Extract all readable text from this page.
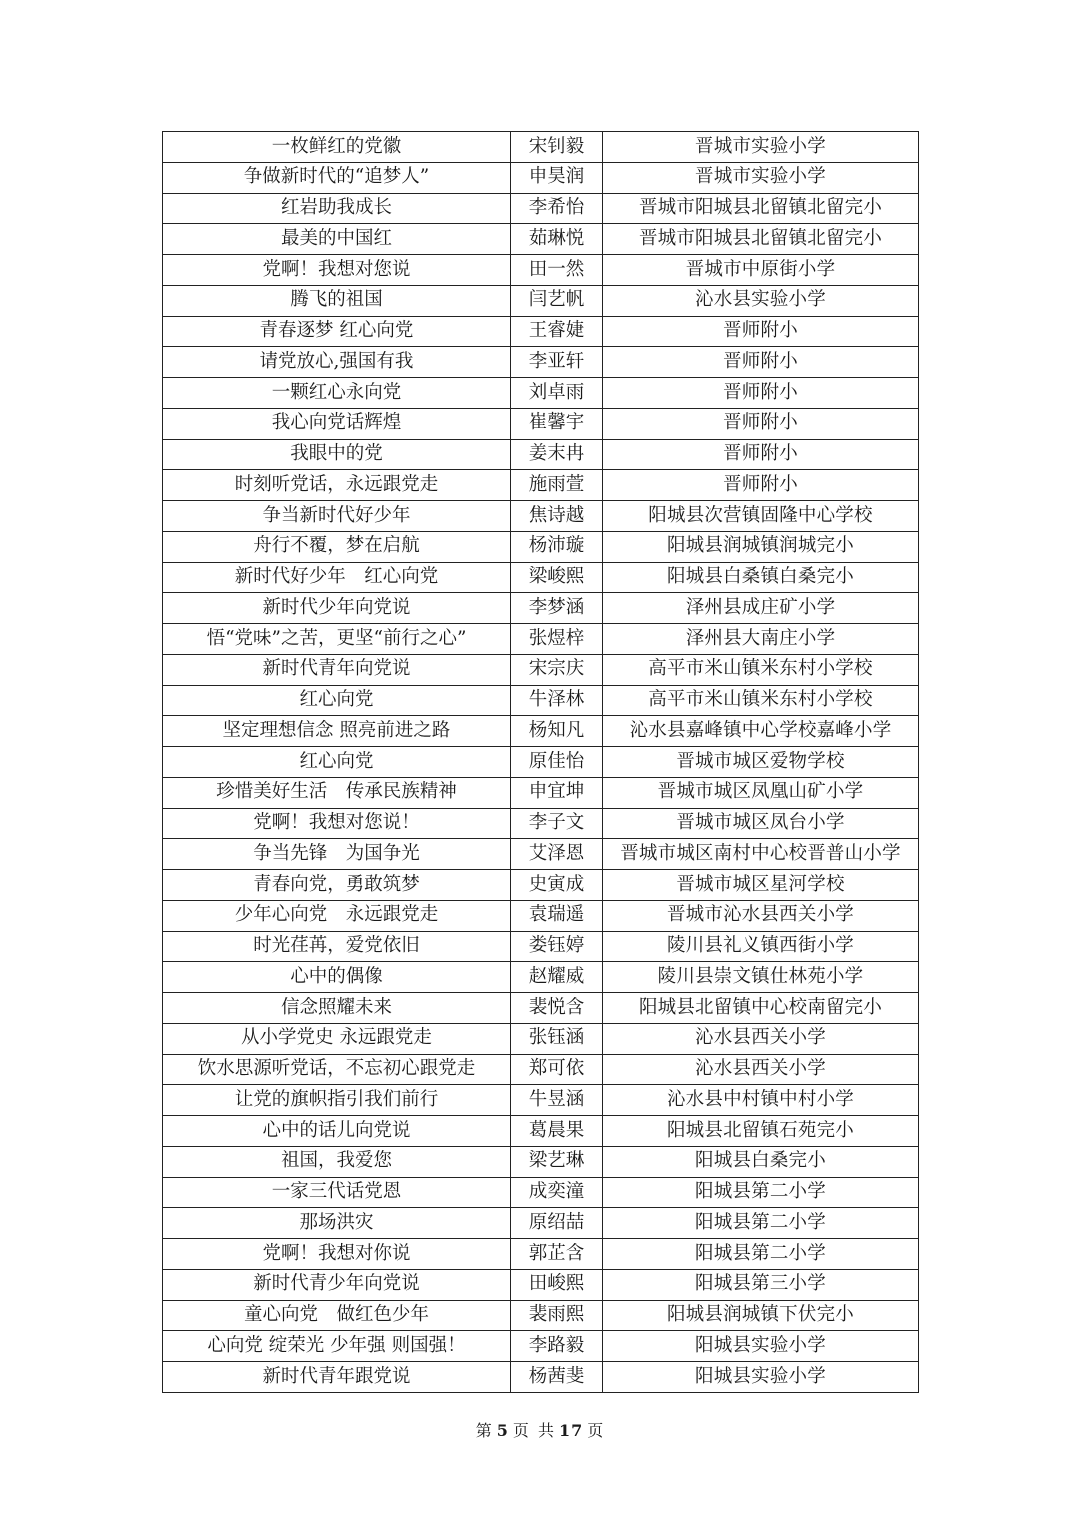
一枚鲜红的党徽	宋钊毅	晋城市实验小学
争做新时代的“追梦人”	申昊润	晋城市实验小学
红岩助我成长	李希怡	晋城市阳城县北留镇北留完小
最美的中国红	茹琳悦	晋城市阳城县北留镇北留完小
党啊！我想对您说	田一然	晋城市中原街小学
腾飞的祖国	闫艺帆	沁水县实验小学
青春逐梦 红心向党	王睿婕	晋师附小
请党放心,强国有我	李亚轩	晋师附小
一颗红心永向党	刘卓雨	晋师附小
我心向党话辉煌	崔馨宇	晋师附小
我眼中的党	姜末冉	晋师附小
时刻听党话，永远跟党走	施雨萱	晋师附小
争当新时代好少年	焦诗越	阳城县次营镇固隆中心学校
舟行不覆，梦在启航	杨沛璇	阳城县润城镇润城完小
新时代好少年　红心向党	梁峻熙	阳城县白桑镇白桑完小
新时代少年向党说	李梦涵	泽州县成庄矿小学
悟“党味”之苦，更坚“前行之心”	张煜梓	泽州县大南庄小学
新时代青年向党说	宋宗庆	高平市米山镇米东村小学校
红心向党	牛泽林	高平市米山镇米东村小学校
坚定理想信念 照亮前进之路	杨知凡	沁水县嘉峰镇中心学校嘉峰小学
红心向党	原佳怡	晋城市城区爱物学校
珍惜美好生活　传承民族精神	申宜坤	晋城市城区凤凰山矿小学
党啊！我想对您说！	李子文	晋城市城区凤台小学
争当先锋　为国争光	艾泽恩	晋城市城区南村中心校晋普山小学
青春向党，勇敢筑梦	史寅成	晋城市城区星河学校
少年心向党　永远跟党走	袁瑞遥	晋城市沁水县西关小学
时光荏苒，爱党依旧	娄钰婷	陵川县礼义镇西街小学
心中的偶像	赵耀威	陵川县崇文镇仕林苑小学
信念照耀未来	裴悦含	阳城县北留镇中心校南留完小
从小学党史 永远跟党走	张钰涵	沁水县西关小学
饮水思源听党话，不忘初心跟党走	郑可依	沁水县西关小学
让党的旗帜指引我们前行	牛昱涵	沁水县中村镇中村小学
心中的话儿向党说	葛晨果	阳城县北留镇石苑完小
祖国，我爱您	梁艺琳	阳城县白桑完小
一家三代话党恩	成奕潼	阳城县第二小学
那场洪灾	原绍喆	阳城县第二小学
党啊！我想对你说	郭芷含	阳城县第二小学
新时代青少年向党说	田峻熙	阳城县第三小学
童心向党　做红色少年	裴雨熙	阳城县润城镇下伏完小
心向党 绽荣光 少年强 则国强！	李路毅	阳城县实验小学
新时代青年跟党说	杨茜斐	阳城县实验小学
第 5 页 共 17 页
